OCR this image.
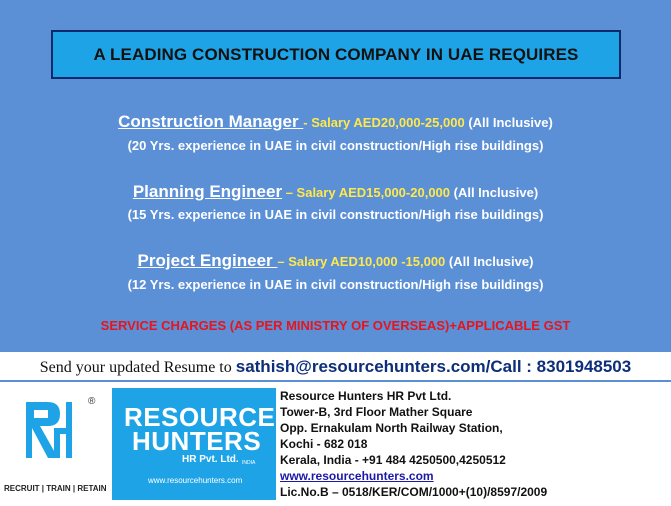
A LEADING CONSTRUCTION COMPANY IN UAE REQUIRES
Construction Manager - Salary AED20,000-25,000 (All Inclusive)
(20 Yrs. experience in UAE in civil construction/High rise buildings)
Planning Engineer – Salary AED15,000-20,000 (All Inclusive)
(15 Yrs. experience in UAE in civil construction/High rise buildings)
Project Engineer – Salary AED10,000 -15,000 (All Inclusive)
(12 Yrs. experience in UAE in civil construction/High rise buildings)
SERVICE CHARGES (AS PER MINISTRY OF OVERSEAS)+APPLICABLE GST
Send your updated Resume to sathish@resourcehunters.com/Call : 8301948503
®
RECRUIT | TRAIN | RETAIN
RESOURCE
HUNTERS
HR Pvt. Ltd. INDIA
www.resourcehunters.com
Resource Hunters HR Pvt Ltd.
Tower-B, 3rd Floor Mather Square
Opp. Ernakulam North Railway Station,
Kochi - 682 018
Kerala, India - +91 484 4250500,4250512
www.resourcehunters.com
Lic.No.B – 0518/KER/COM/1000+(10)/8597/2009
